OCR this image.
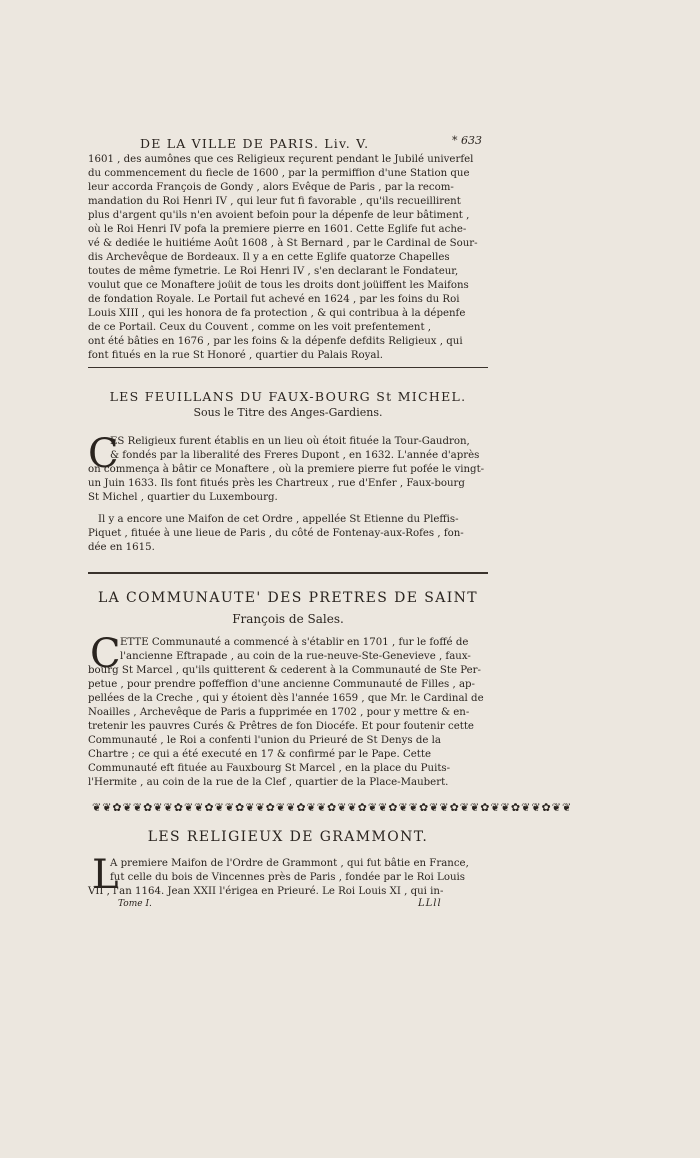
DE LA VILLE DE PARIS. Liv. V.	* 633
1601 , des aumônes que ces Religieux reçurent pendant le Jubilé univerfel
du commencement du fiecle de 1600 , par la permiffion d'une Station que
leur accorda François de Gondy , alors Evêque de Paris , par la recom-
mandation du Roi Henri IV , qui leur fut fi favorable , qu'ils recueillirent
plus d'argent qu'ils n'en avoient befoin pour la dépenfe de leur bâtiment ,
où le Roi Henri IV pofa la premiere pierre en 1601. Cette Eglife fut ache-
vé & dediée le huitiéme Août 1608 , à St Bernard , par le Cardinal de Sour-
dis Archevêque de Bordeaux. Il y a en cette Eglife quatorze Chapelles
toutes de même fymetrie. Le Roi Henri IV , s'en declarant le Fondateur,
voulut que ce Monaftere joüit de tous les droits dont joüiffent les Maifons
de fondation Royale. Le Portail fut achevé en 1624 , par les foins du Roi
Louis XIII , qui les honora de fa protection , & qui contribua à la dépenfe
de ce Portail. Ceux du Couvent , comme on les voit prefentement ,
ont été bâties en 1676 , par les foins & la dépenfe defdits Religieux , qui
font fitués en la rue St Honoré , quartier du Palais Royal.
LES FEUILLANS DU FAUX-BOURG St MICHEL.
Sous le Titre des Anges-Gardiens.
C
ES Religieux furent établis en un lieu où étoit fituée la Tour-Gaudron,
& fondés par la liberalité des Freres Dupont , en 1632. L'année d'après
on commença à bâtir ce Monaftere , où la premiere pierre fut pofée le vingt-
un Juin 1633. Ils font fitués près les Chartreux , rue d'Enfer , Faux-bourg
St Michel , quartier du Luxembourg.
Il y a encore une Maifon de cet Ordre , appellée St Etienne du Pleffis-
Piquet , fituée à une lieue de Paris , du côté de Fontenay-aux-Rofes , fon-
dée en 1615.
LA COMMUNAUTE' DES PRETRES DE SAINT
François de Sales.
C ETTE Communauté a commencé à s'établir en 1701 , fur le foffé de
l'ancienne Eftrapade , au coin de la rue-neuve-Ste-Genevieve , faux-
bourg St Marcel , qu'ils quitterent & cederent à la Communauté de Ste Per-
petue , pour prendre poffeffion d'une ancienne Communauté de Filles , ap-
pellées de la Creche , qui y étoient dès l'année 1659 , que Mr. le Cardinal de
Noailles , Archevêque de Paris a fupprimée en 1702 , pour y mettre & en-
tretenir les pauvres Curés & Prêtres de fon Diocéfe. Et pour foutenir cette
Communauté , le Roi a confenti l'union du Prieuré de St Denys de la
Chartre ; ce qui a été executé en 17 & confirmé par le Pape. Cette
Communauté eft fituée au Fauxbourg St Marcel , en la place du Puits-
l'Hermite , au coin de la rue de la Clef , quartier de la Place-Maubert.
❦❦✿❦❦✿❦❦✿❦❦✿❦❦✿❦❦✿❦❦✿❦❦✿❦❦✿❦❦✿❦❦✿❦❦✿❦❦✿❦❦✿❦❦✿❦❦
LES RELIGIEUX DE GRAMMONT.
L
A premiere Maifon de l'Ordre de Grammont , qui fut bâtie en France,
fut celle du bois de Vincennes près de Paris , fondée par le Roi Louis
VII , l'an 1164. Jean XXII l'érigea en Prieuré. Le Roi Louis XI , qui in-
Tome I.	LLll
